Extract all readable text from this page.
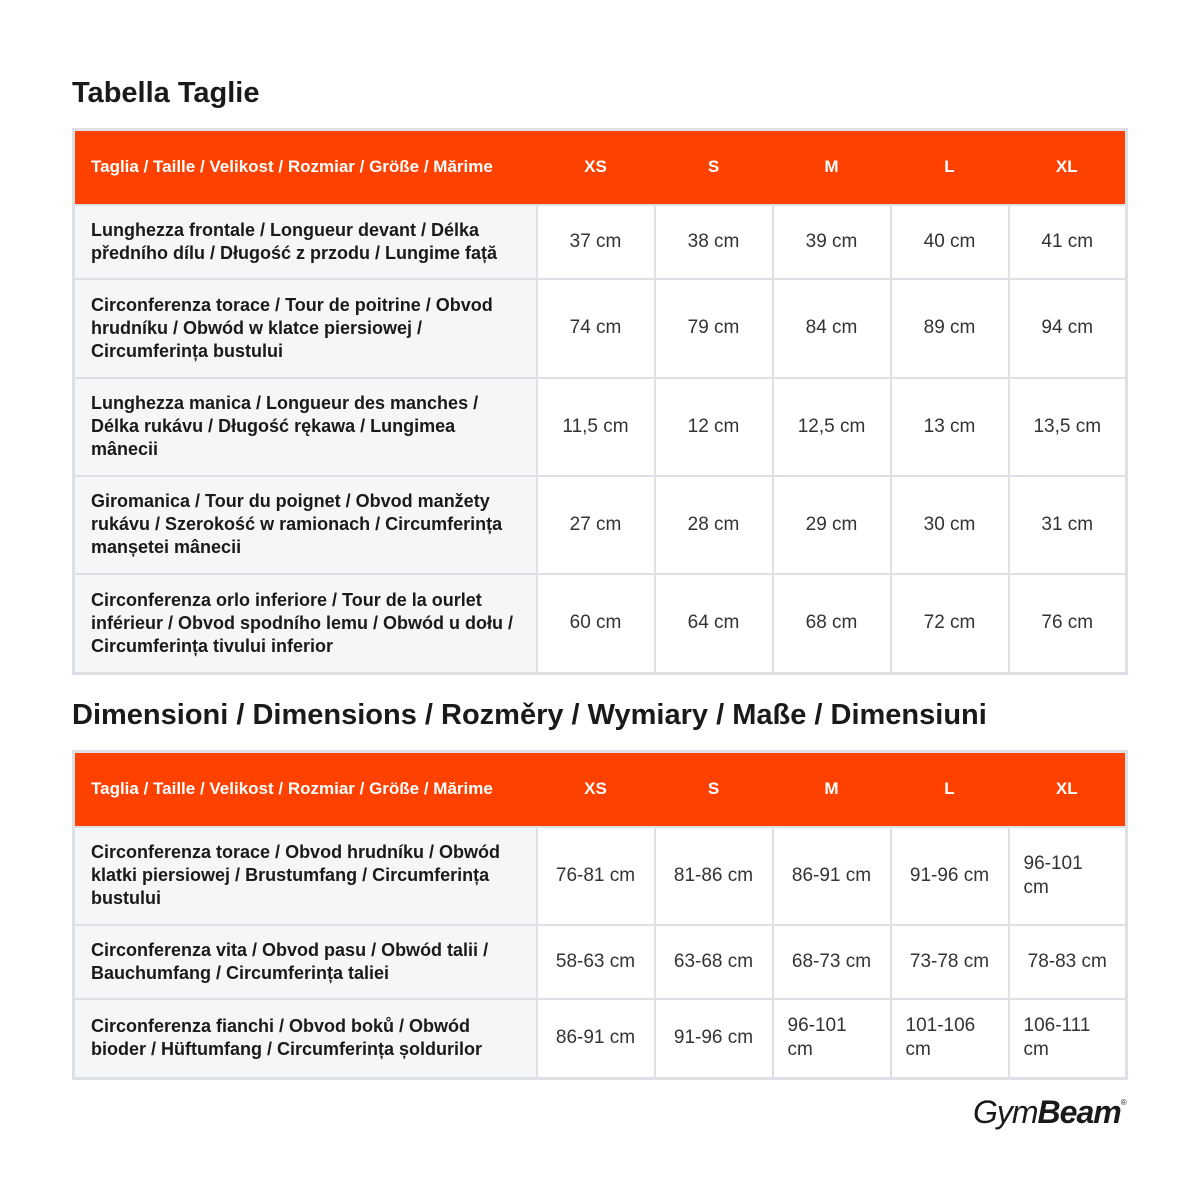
Tabella Taglie
Taglia / Taille / Velikost / Rozmiar / Größe / Mărime	XS	S	M	L	XL
Lunghezza frontale / Longueur devant / Délka předního dílu / Długość z przodu / Lungime față	37 cm	38 cm	39 cm	40 cm	41 cm
Circonferenza torace / Tour de poitrine / Obvod hrudníku / Obwód w klatce piersiowej / Circumferința bustului	74 cm	79 cm	84 cm	89 cm	94 cm
Lunghezza manica / Longueur des manches / Délka rukávu / Długość rękawa / Lungimea mânecii	11,5 cm	12 cm	12,5 cm	13 cm	13,5 cm
Giromanica / Tour du poignet / Obvod manžety rukávu / Szerokość w ramionach / Circumferința manșetei mânecii	27 cm	28 cm	29 cm	30 cm	31 cm
Circonferenza orlo inferiore / Tour de la ourlet inférieur / Obvod spodního lemu / Obwód u dołu / Circumferința tivului inferior	60 cm	64 cm	68 cm	72 cm	76 cm
Dimensioni / Dimensions / Rozměry / Wymiary / Maße / Dimensiuni
Taglia / Taille / Velikost / Rozmiar / Größe / Mărime	XS	S	M	L	XL
Circonferenza torace / Obvod hrudníku / Obwód klatki piersiowej / Brustumfang / Circumferința bustului	76-81 cm	81-86 cm	86-91 cm	91-96 cm	96-101 cm
Circonferenza vita / Obvod pasu / Obwód talii / Bauchumfang / Circumferința taliei	58-63 cm	63-68 cm	68-73 cm	73-78 cm	78-83 cm
Circonferenza fianchi / Obvod boků / Obwód bioder / Hüftumfang / Circumferința șoldurilor	86-91 cm	91-96 cm	96-101 cm	101-106 cm	106-111 cm
GymBeam®
